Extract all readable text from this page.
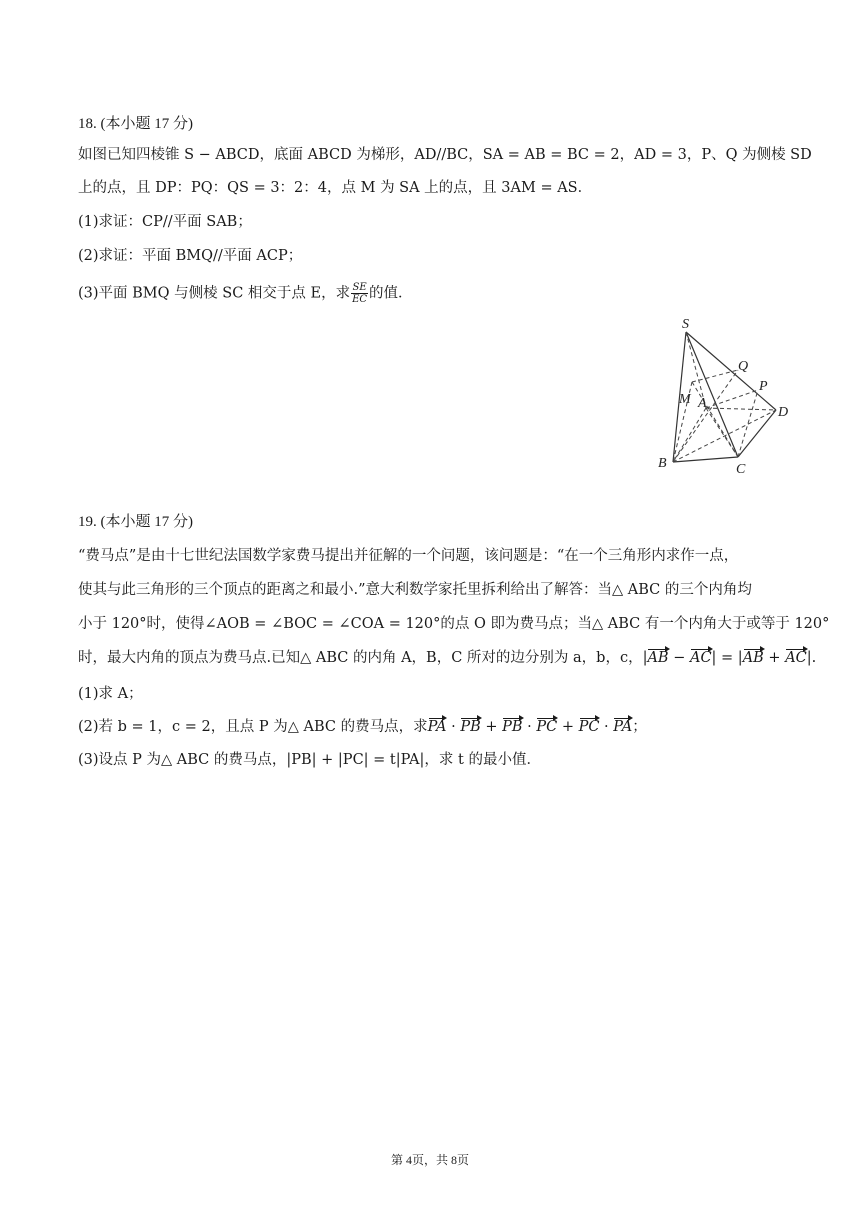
18. (本小题 17 分)
如图已知四棱锥 S − ABCD，底面 ABCD 为梯形，AD//BC，SA = AB = BC = 2，AD = 3，P、Q 为侧棱 SD
上的点，且 DP：PQ：QS = 3：2：4，点 M 为 SA 上的点，且 3AM = AS．
(1)求证：CP//平面 SAB；
(2)求证：平面 BMQ//平面 ACP；
(3)平面 BMQ 与侧棱 SC 相交于点 E，求 $\frac{SE}{EC}$ 的值．
S
Q
P
M A
D
B	C
19. (本小题 17 分)
“费马点”是由十七世纪法国数学家费马提出并征解的一个问题，该问题是：“在一个三角形内求作一点，
使其与此三角形的三个顶点的距离之和最小.”意大利数学家托里拆利给出了解答：当△ ABC 的三个内角均
小于 120°时，使得∠AOB = ∠BOC = ∠COA = 120°的点 O 即为费马点；当△ ABC 有一个内角大于或等于 120°
时，最大内角的顶点为费马点.已知△ ABC 的内角 A，B，C 所对的边分别为 a，b，c，|AB − AC| = |AB + AC|.
(1)求 A；
(2)若 b = 1，c = 2，且点 P 为△ ABC 的费马点，求PA · PB + PB · PC + PC · PA；
(3)设点 P 为△ ABC 的费马点，|PB| + |PC| = t|PA|，求 t 的最小值．
第 4页，共 8页
